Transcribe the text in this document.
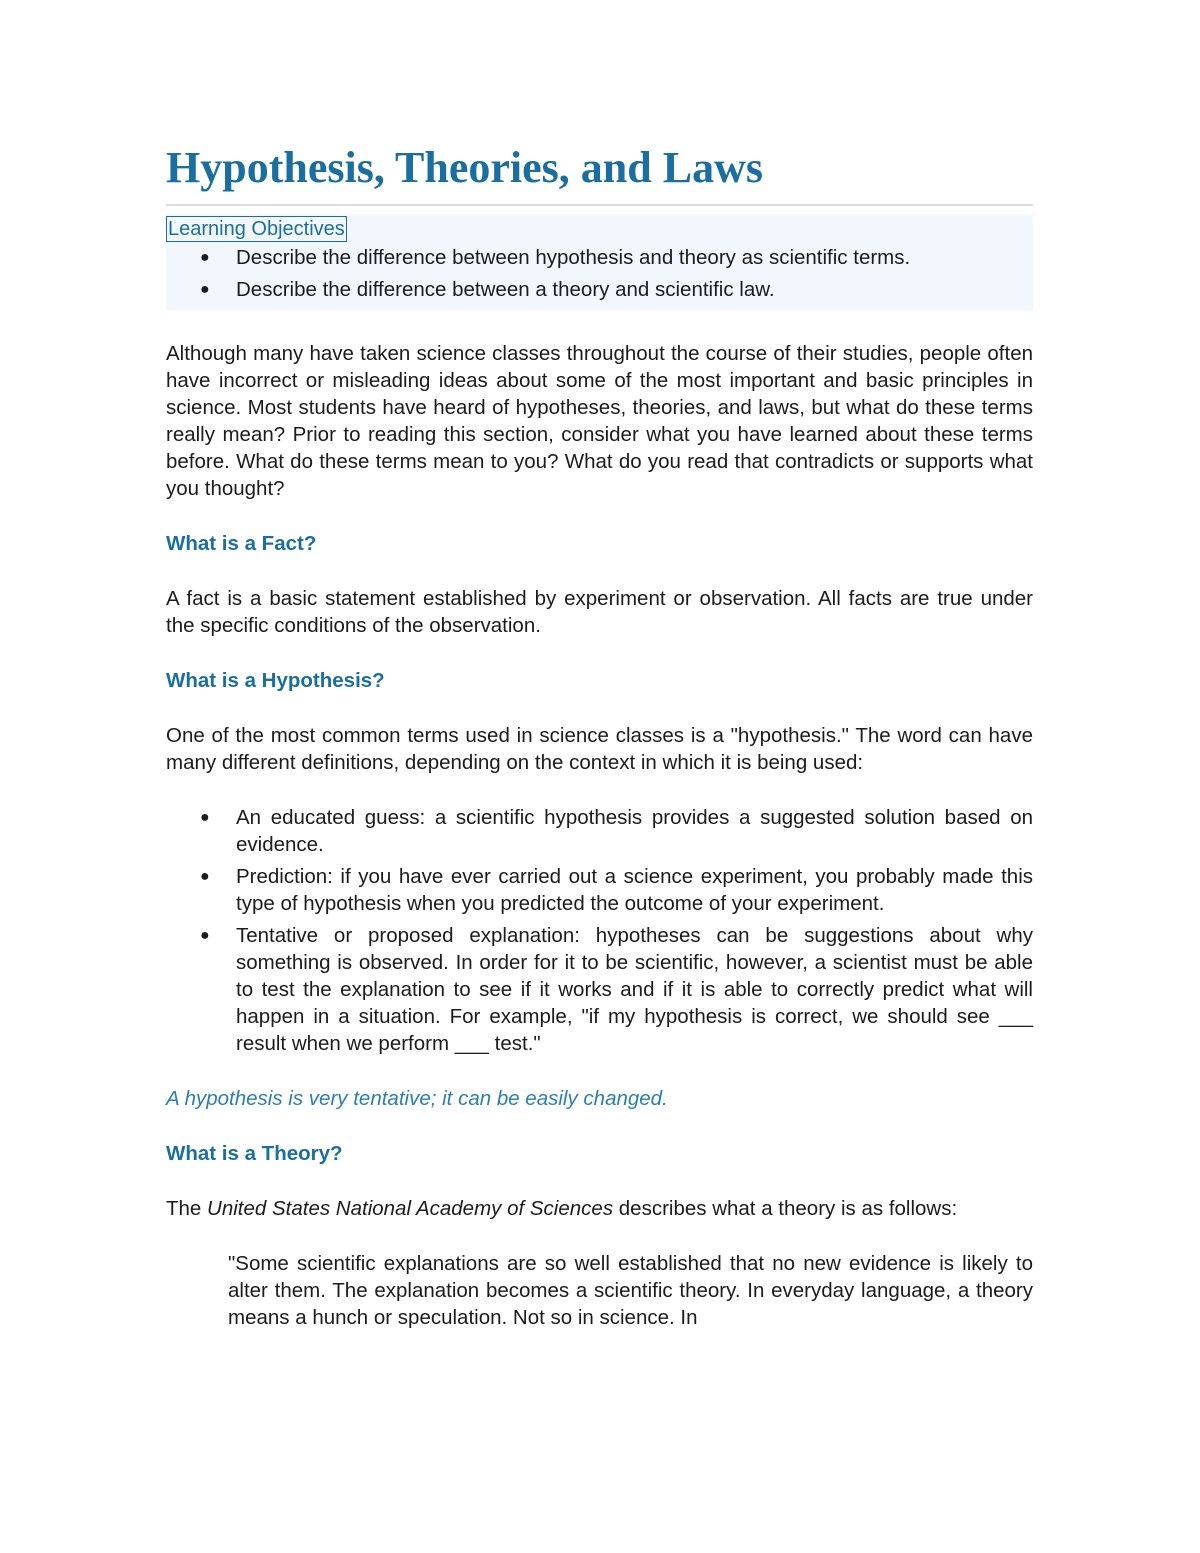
Hypothesis, Theories, and Laws
Learning Objectives
● Describe the difference between hypothesis and theory as scientific terms.
● Describe the difference between a theory and scientific law.

Although many have taken science classes throughout the course of their studies, people often have incorrect or misleading ideas about some of the most important and basic principles in science. Most students have heard of hypotheses, theories, and laws, but what do these terms really mean? Prior to reading this section, consider what you have learned about these terms before. What do these terms mean to you? What do you read that contradicts or supports what you thought?

What is a Fact?

A fact is a basic statement established by experiment or observation. All facts are true under the specific conditions of the observation.

What is a Hypothesis?

One of the most common terms used in science classes is a "hypothesis." The word can have many different definitions, depending on the context in which it is being used:

● An educated guess: a scientific hypothesis provides a suggested solution based on evidence.
● Prediction: if you have ever carried out a science experiment, you probably made this type of hypothesis when you predicted the outcome of your experiment.
● Tentative or proposed explanation: hypotheses can be suggestions about why something is observed. In order for it to be scientific, however, a scientist must be able to test the explanation to see if it works and if it is able to correctly predict what will happen in a situation. For example, "if my hypothesis is correct, we should see ___ result when we perform ___ test."

A hypothesis is very tentative; it can be easily changed.

What is a Theory?

The United States National Academy of Sciences describes what a theory is as follows:

"Some scientific explanations are so well established that no new evidence is likely to alter them. The explanation becomes a scientific theory. In everyday language, a theory means a hunch or speculation. Not so in science. In
